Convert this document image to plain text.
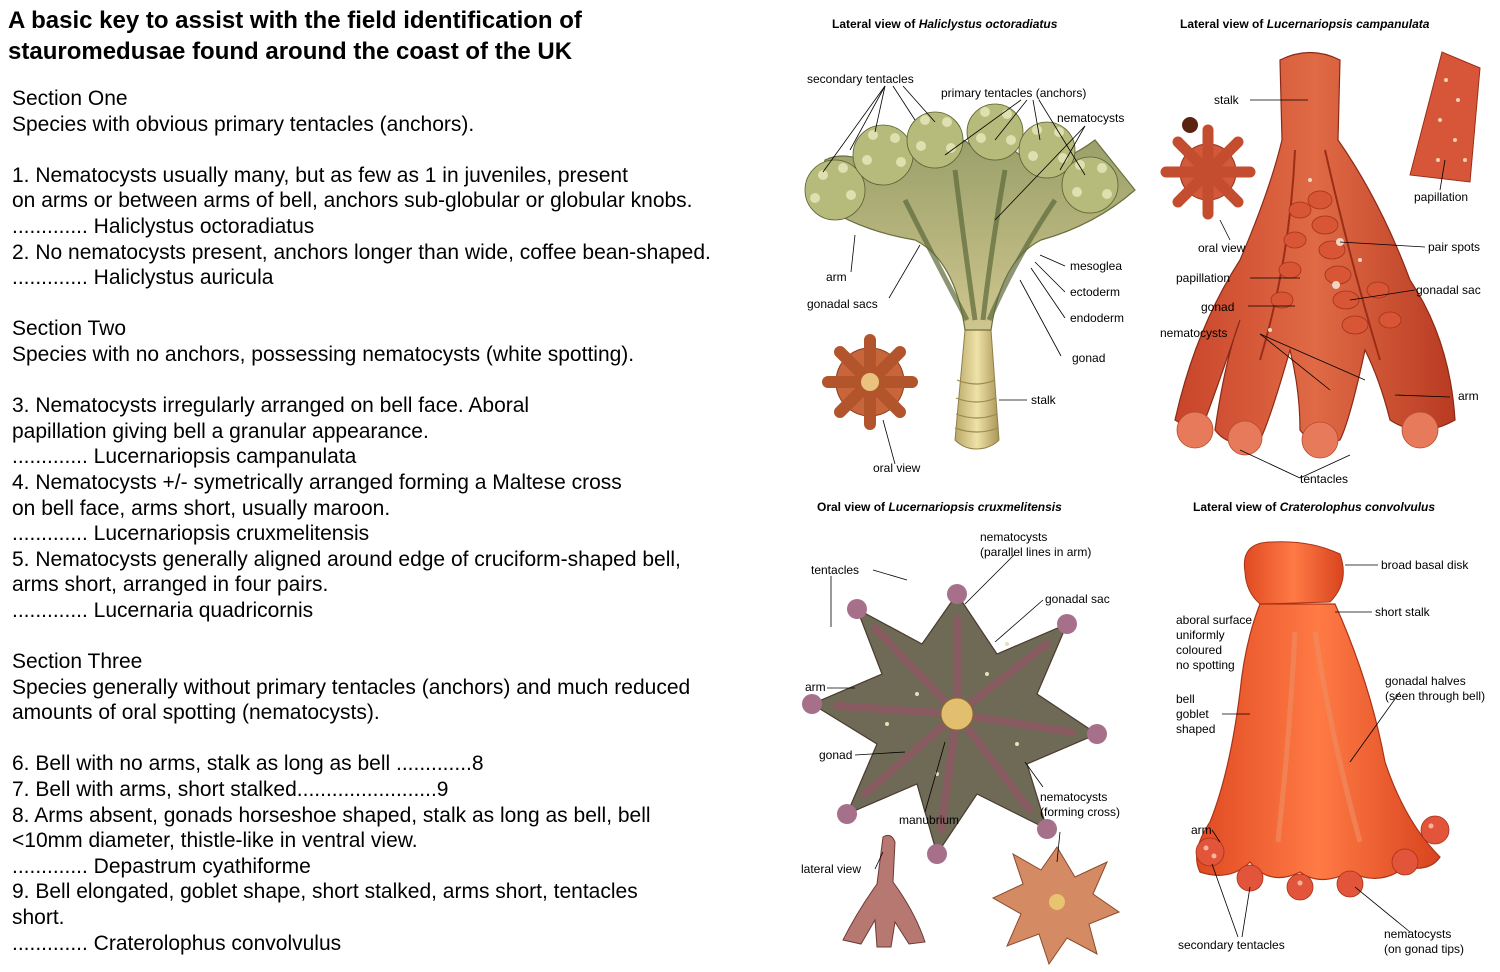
A basic key to assist with the field identification of
stauromedusae found around the coast of the UK
Section One
Species with obvious primary tentacles (anchors).
1. Nematocysts usually many, but as few as 1 in juveniles, present
on arms or between arms of bell, anchors sub-globular or globular knobs.
............. Haliclystus octoradiatus
2. No nematocysts present, anchors longer than wide, coffee bean-shaped.
............. Haliclystus auricula
Section Two
Species with no anchors, possessing nematocysts (white spotting).
3. Nematocysts irregularly arranged on bell face. Aboral
papillation giving bell a granular appearance.
............. Lucernariopsis campanulata
4. Nematocysts +/- symetrically arranged forming a Maltese cross
on bell face, arms short, usually maroon.
............. Lucernariopsis cruxmelitensis
5. Nematocysts generally aligned around edge of cruciform-shaped bell,
arms short, arranged in four pairs.
............. Lucernaria quadricornis
Section Three
Species generally without primary tentacles (anchors) and much reduced
amounts of oral spotting (nematocysts).
6. Bell with no arms, stalk as long as bell .............8
7. Bell with arms, short stalked........................9
8. Arms absent, gonads horseshoe shaped, stalk as long as bell, bell
<10mm diameter, thistle-like in ventral view.
............. Depastrum cyathiforme
9. Bell elongated, goblet shape, short stalked, arms short, tentacles
short.
............. Craterolophus convolvulus
Lateral view of Haliclystus octoradiatus
secondary tentacles
primary tentacles (anchors)
nematocysts
arm
gonadal sacs
mesoglea
ectoderm
endoderm
gonad
stalk
oral view
Lateral view of Lucernariopsis campanulata
stalk
papillation
oral view	pair spots
papillation
gonadal sac
gonad
nematocysts
arm
tentacles
Oral view of Lucernariopsis cruxmelitensis
nematocysts
(parallel lines in arm)
tentacles
gonadal sac
arm
gonad
nematocysts
(forming cross)
manubrium
lateral view
Lateral view of Craterolophus convolvulus
broad basal disk
short stalk
aboral surface
uniformly
coloured
no spotting
gonadal halves
(seen through bell)
bell
goblet
shaped
arm
secondary tentacles
nematocysts
(on gonad tips)
